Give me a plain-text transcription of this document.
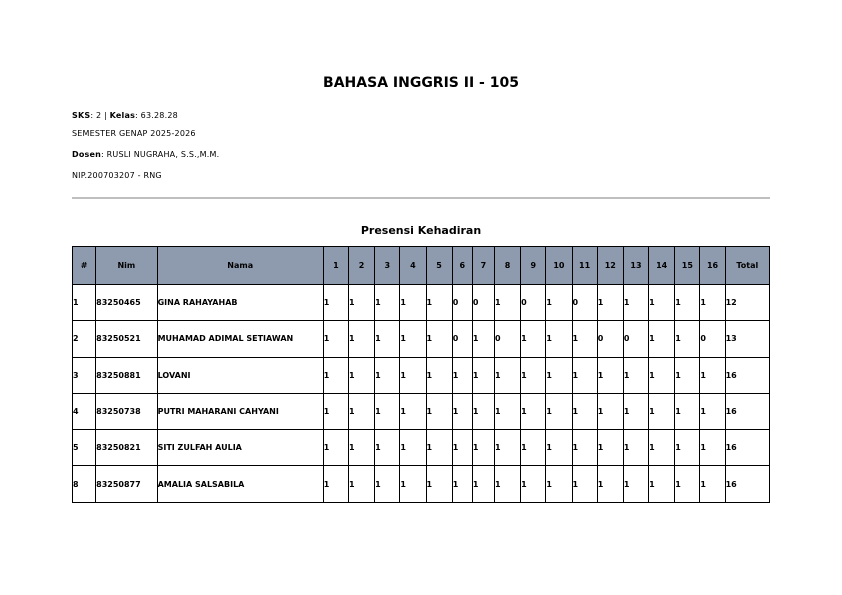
BAHASA INGGRIS II - 105
SKS: 2 | Kelas: 63.28.28
SEMESTER GENAP 2025-2026
Dosen: RUSLI NUGRAHA, S.S.,M.M.
NIP.200703207 - RNG
Presensi Kehadiran
#	Nim	Nama	1	2	3	4	5	6	7	8	9	10	11	12	13	14	15	16	Total
1	83250465	GINA RAHAYAHAB	1	1	1	1	1	0	0	1	0	1	0	1	1	1	1	1	12
2	83250521	MUHAMAD ADIMAL SETIAWAN	1	1	1	1	1	0	1	0	1	1	1	0	0	1	1	0	13
3	83250881	LOVANI	1	1	1	1	1	1	1	1	1	1	1	1	1	1	1	1	16
4	83250738	PUTRI MAHARANI CAHYANI	1	1	1	1	1	1	1	1	1	1	1	1	1	1	1	1	16
5	83250821	SITI ZULFAH AULIA	1	1	1	1	1	1	1	1	1	1	1	1	1	1	1	1	16
8	83250877	AMALIA SALSABILA	1	1	1	1	1	1	1	1	1	1	1	1	1	1	1	1	16
